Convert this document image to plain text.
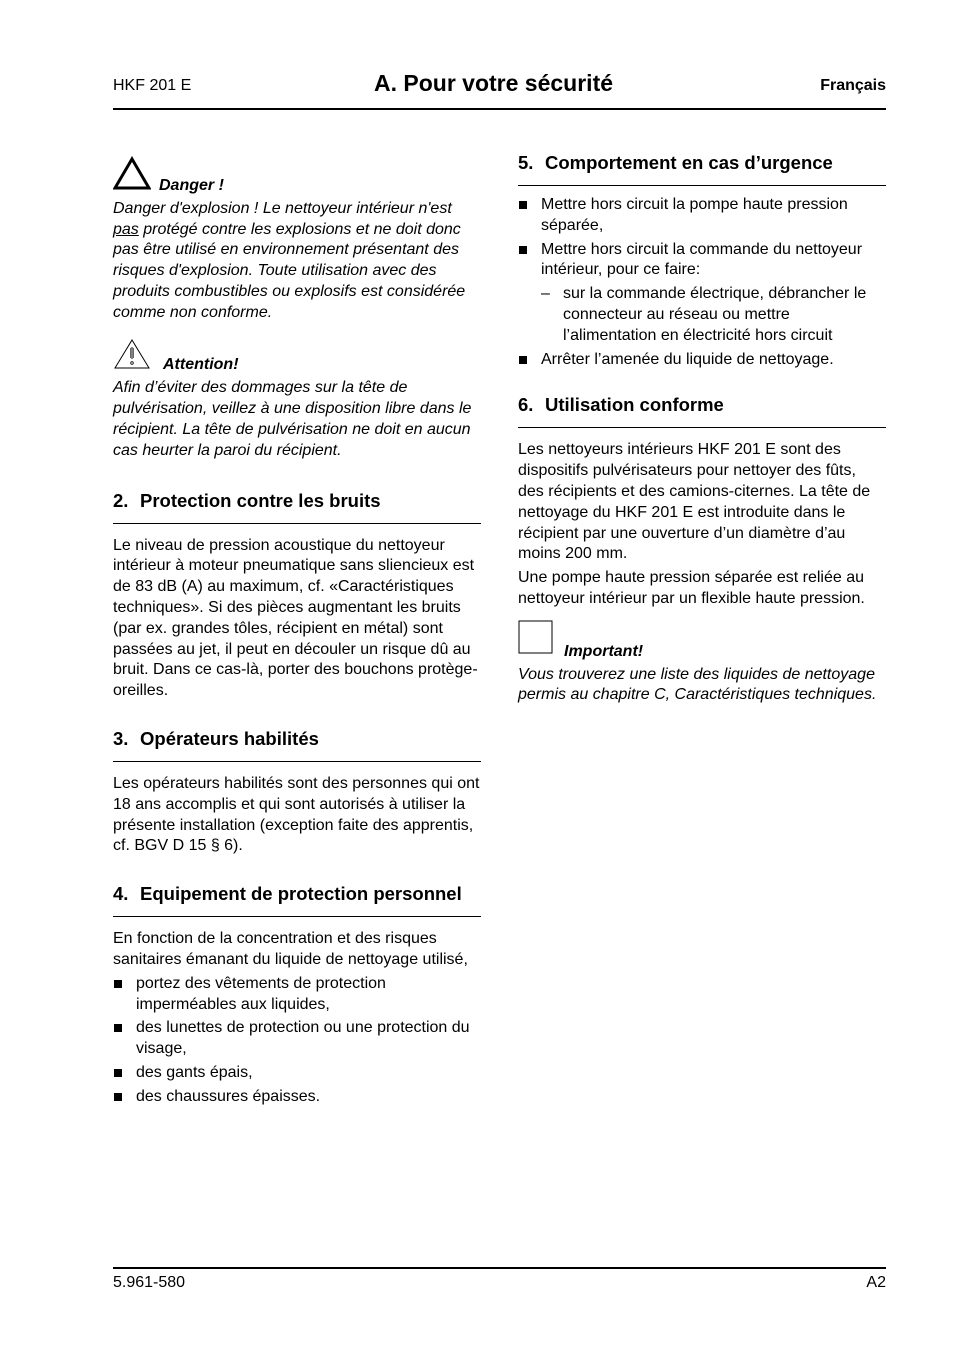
HKF 201 E	A. Pour votre sécurité	Français
Danger !

Danger d'explosion ! Le nettoyeur intérieur n'est pas protégé contre les explosions et ne doit donc pas être utilisé en environnement présentant des risques d'explosion. Toute utilisation avec des produits combustibles ou explosifs est considérée comme non conforme.

Attention!

Afin d’éviter des dommages sur la tête de pulvérisation, veillez à une disposition libre dans le récipient. La tête de pulvérisation ne doit en aucun cas heurter la paroi du récipient.

2. Protection contre les bruits

Le niveau de pression acoustique du nettoyeur intérieur à moteur pneumatique sans sliencieux est de 83 dB (A) au maximum, cf. «Caractéristiques techniques». Si des pièces augmentant les bruits (par ex. grandes tôles, récipient en métal) sont passées au jet, il peut en découler un risque dû au bruit. Dans ce cas-là, porter des bouchons protège-oreilles.

3. Opérateurs habilités

Les opérateurs habilités sont des personnes qui ont 18 ans accomplis et qui sont autorisés à utiliser la présente installation (exception faite des apprentis, cf. BGV D 15 § 6).

4. Equipement de protection personnel

En fonction de la concentration et des risques sanitaires émanant du liquide de nettoyage utilisé,

portez des vêtements de protection imperméables aux liquides,
des lunettes de protection ou une protection du visage,
des gants épais,
des chaussures épaisses.
5. Comportement en cas d’urgence
Mettre hors circuit la pompe haute pression séparée,
Mettre hors circuit la commande du nettoyeur intérieur, pour ce faire:
– sur la commande électrique, débrancher le connecteur au réseau ou mettre l’alimentation en électricité hors circuit
Arrêter l’amenée du liquide de nettoyage.
6. Utilisation conforme

Les nettoyeurs intérieurs HKF 201 E sont des dispositifs pulvérisateurs pour nettoyer des fûts, des récipients et des camions-citernes. La tête de nettoyage du HKF 201 E est introduite dans le récipient par une ouverture d’un diamètre d’au moins 200 mm.

Une pompe haute pression séparée est reliée au nettoyeur intérieur par un flexible haute pression.

Important!

Vous trouverez une liste des liquides de nettoyage permis au chapitre C, Caractéristiques techniques.

5.961-580	A2
